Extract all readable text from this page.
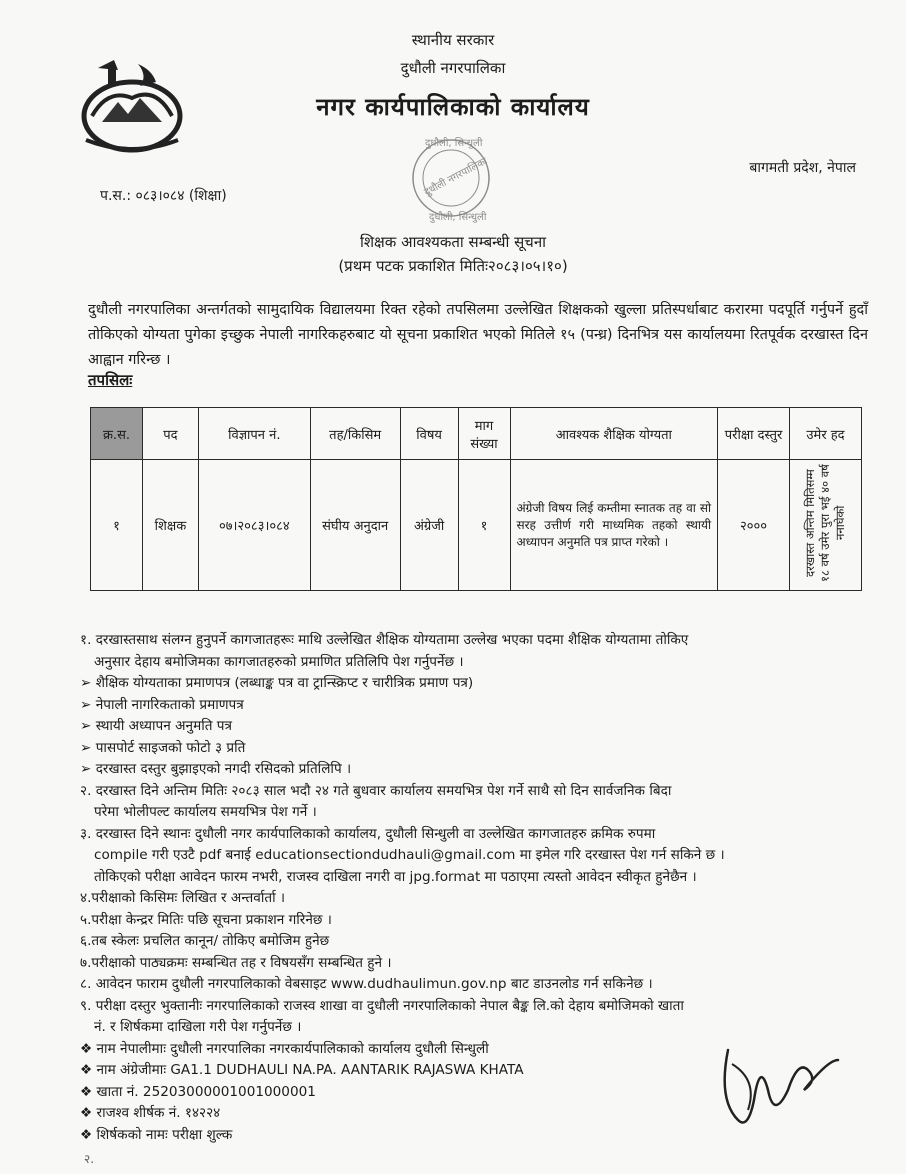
स्थानीय सरकार
दुधौली नगरपालिका
नगर कार्यपालिकाको कार्यालय
दुधौली, सिन्धुली
दुधौली नगरपालिका
दुधौली, सिन्धुली
बागमती प्रदेश, नेपाल
प.स.: ०८३।०८४ (शिक्षा)
शिक्षक आवश्यकता सम्बन्धी सूचना
(प्रथम पटक प्रकाशित मितिः२०८३।०५।१०)

दुधौली नगरपालिका अन्तर्गतको सामुदायिक विद्यालयमा रिक्त रहेको तपसिलमा उल्लेखित शिक्षकको खुल्ला प्रतिस्पर्धाबाट करारमा पदपूर्ति गर्नुपर्ने हुदाँ तोकिएको योग्यता पुगेका इच्छुक नेपाली नागरिकहरुबाट यो सूचना प्रकाशित भएको मितिले १५ (पन्ध्र) दिनभित्र यस कार्यालयमा रितपूर्वक दरखास्त दिन आह्वान गरिन्छ ।

तपसिलः
क्र.स.	पद	विज्ञापन नं.	तह/किसिम	विषय	माग संख्या	आवश्यक शैक्षिक योग्यता	परीक्षा दस्तुर	उमेर हद
१	शिक्षक	०७।२०८३।०८४	संघीय अनुदान	अंग्रेजी	१	अंग्रेजी विषय लिई कम्तीमा स्नातक तह वा सो सरह उत्तीर्ण गरी माध्यमिक तहको स्थायी अध्यापन अनुमति पत्र प्राप्त गरेको ।	२०००	दरखास्त अन्तिम मितिसम्म १८ वर्ष उमेर पुरा भई ४० वर्ष ननाघेको
१. दरखास्तसाथ संलग्न हुनुपर्ने कागजातहरूः माथि उल्लेखित शैक्षिक योग्यतामा उल्लेख भएका पदमा शैक्षिक योग्यतामा तोकिए
अनुसार देहाय बमोजिमका कागजातहरुको प्रमाणित प्रतिलिपि पेश गर्नुपर्नेछ ।
➢ शैक्षिक योग्यताका प्रमाणपत्र (लब्धाङ्क पत्र वा ट्रान्स्क्रिप्ट र चारीत्रिक प्रमाण पत्र)
➢ नेपाली नागरिकताको प्रमाणपत्र
➢ स्थायी अध्यापन अनुमति पत्र
➢ पासपोर्ट साइजको फोटो ३ प्रति
➢ दरखास्त दस्तुर बुझाइएको नगदी रसिदको प्रतिलिपि ।
२. दरखास्त दिने अन्तिम मितिः २०८३ साल भदौ २४ गते बुधवार कार्यालय समयभित्र पेश गर्ने साथै सो दिन सार्वजनिक बिदा
परेमा भोलीपल्ट कार्यालय समयभित्र पेश गर्ने ।
३. दरखास्त दिने स्थानः दुधौली नगर कार्यपालिकाको कार्यालय, दुधौली सिन्धुली वा उल्लेखित कागजातहरु क्रमिक रुपमा
compile गरी एउटै pdf बनाई educationsectiondudhauli@gmail.com मा इमेल गरि दरखास्त पेश गर्न सकिने छ ।
तोकिएको परीक्षा आवेदन फारम नभरी, राजस्व दाखिला नगरी वा jpg.format मा पठाएमा त्यस्तो आवेदन स्वीकृत हुनेछैन ।
४.परीक्षाको किसिमः लिखित र अन्तर्वार्ता ।
५.परीक्षा केन्द्रर मितिः पछि सूचना प्रकाशन गरिनेछ ।
६.तब स्केलः प्रचलित कानून/ तोकिए बमोजिम हुनेछ
७.परीक्षाको पाठ्यक्रमः सम्बन्धित तह र विषयसँग सम्बन्धित हुने ।
८. आवेदन फाराम दुधौली नगरपालिकाको वेबसाइट www.dudhaulimun.gov.np बाट डाउनलोड गर्न सकिनेछ ।
९. परीक्षा दस्तुर भुक्तानीः नगरपालिकाको राजस्व शाखा वा दुधौली नगरपालिकाको नेपाल बैङ्क लि.को देहाय बमोजिमको खाता
नं. र शिर्षकमा दाखिला गरी पेश गर्नुपर्नेछ ।
❖ नाम नेपालीमाः दुधौली नगरपालिका नगरकार्यपालिकाको कार्यालय दुधौली सिन्धुली
❖ नाम अंग्रेजीमाः GA1.1 DUDHAULI NA.PA. AANTARIK RAJASWA KHATA
❖ खाता नं. 25203000001001000001
❖ राजश्व शीर्षक नं. १४२२४
❖ शिर्षकको नामः परीक्षा शुल्क
२.
